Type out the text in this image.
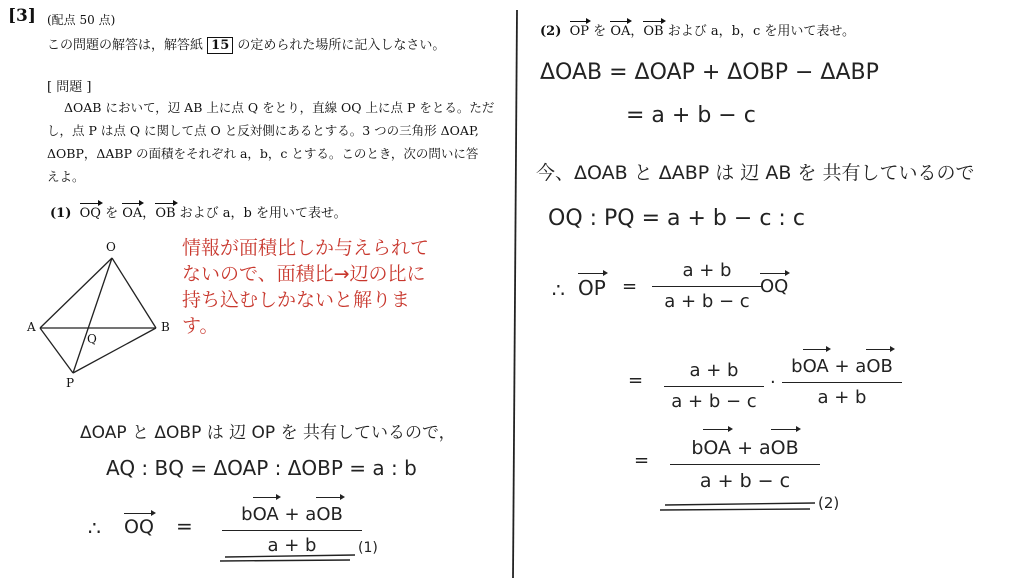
[3] (配点 50 点)
この問題の解答は，解答紙 15 の定められた場所に記入しなさい。
[ 問題 ]
ΔOAB において，辺 AB 上に点 Q をとり，直線 OQ 上に点 P をとる。ただ
し，点 P は点 Q に関して点 O と反対側にあるとする。3 つの三角形 ΔOAP,
ΔOBP，ΔABP の面積をそれぞれ a，b，c とする。このとき，次の問いに答
えよ。
(1) OQ を OA，OB および a，b を用いて表せ。
O
A	B
Q
P
情報が面積比しか与えられて
ないので、面積比→辺の比に
持ち込むしかないと解りま
す。
ΔOAP と ΔOBP は 辺 OP を 共有しているので，
AQ : BQ = ΔOAP : ΔOBP = a : b
∴ OQ =	bOA + aOB
a + b	(1)
(2) OP を OA，OB および a，b，c を用いて表せ。
ΔOAB = ΔOAP + ΔOBP − ΔABP
= a + b − c
今、ΔOAB と ΔABP は 辺 AB を 共有しているので
OQ : PQ = a + b − c : c
∴ OP = $\frac{a + b}{a + b - c}$
OQ
= $\frac{a + b}{a + b - c}$ ·
bOA + aOB
a + b
=
bOA + aOB
a + b − c
(2)
